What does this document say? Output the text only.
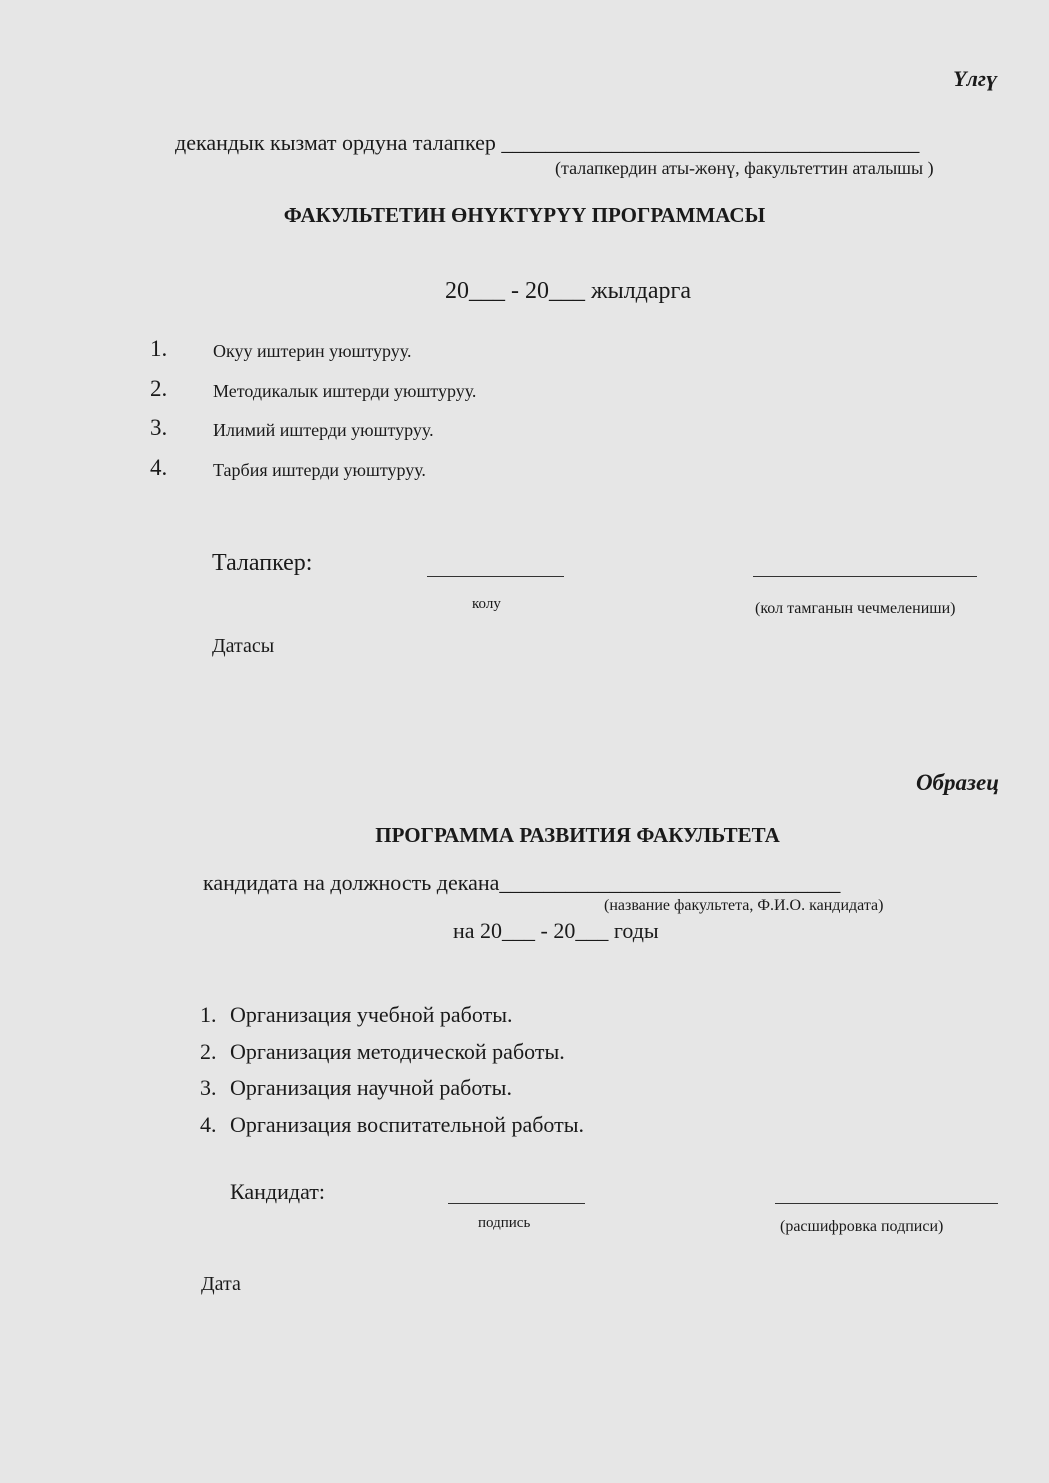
Үлгү
декандык кызмат ордуна талапкер ______________________________________
(талапкердин аты-жөнү, факультеттин аталышы )
ФАКУЛЬТЕТИН ӨНҮКТҮРҮҮ ПРОГРАММАСЫ
20___ - 20___ жылдарга
1.	Окуу иштерин уюштуруу.
2.	Методикалык иштерди уюштуруу.
3.	Илимий иштерди уюштуруу.
4.	Тарбия иштерди уюштуруу.
Талапкер:
колу	(кол тамганын чечмелениши)
Датасы
Образец
ПРОГРАММА РАЗВИТИЯ ФАКУЛЬТЕТА
кандидата на должность декана_______________________________
(название факультета, Ф.И.О. кандидата)
на 20___ - 20___ годы
1. Организация учебной работы.
2. Организация методической работы.
3. Организация научной работы.
4. Организация воспитательной работы.
Кандидат:
подпись	(расшифровка подписи)
Дата
